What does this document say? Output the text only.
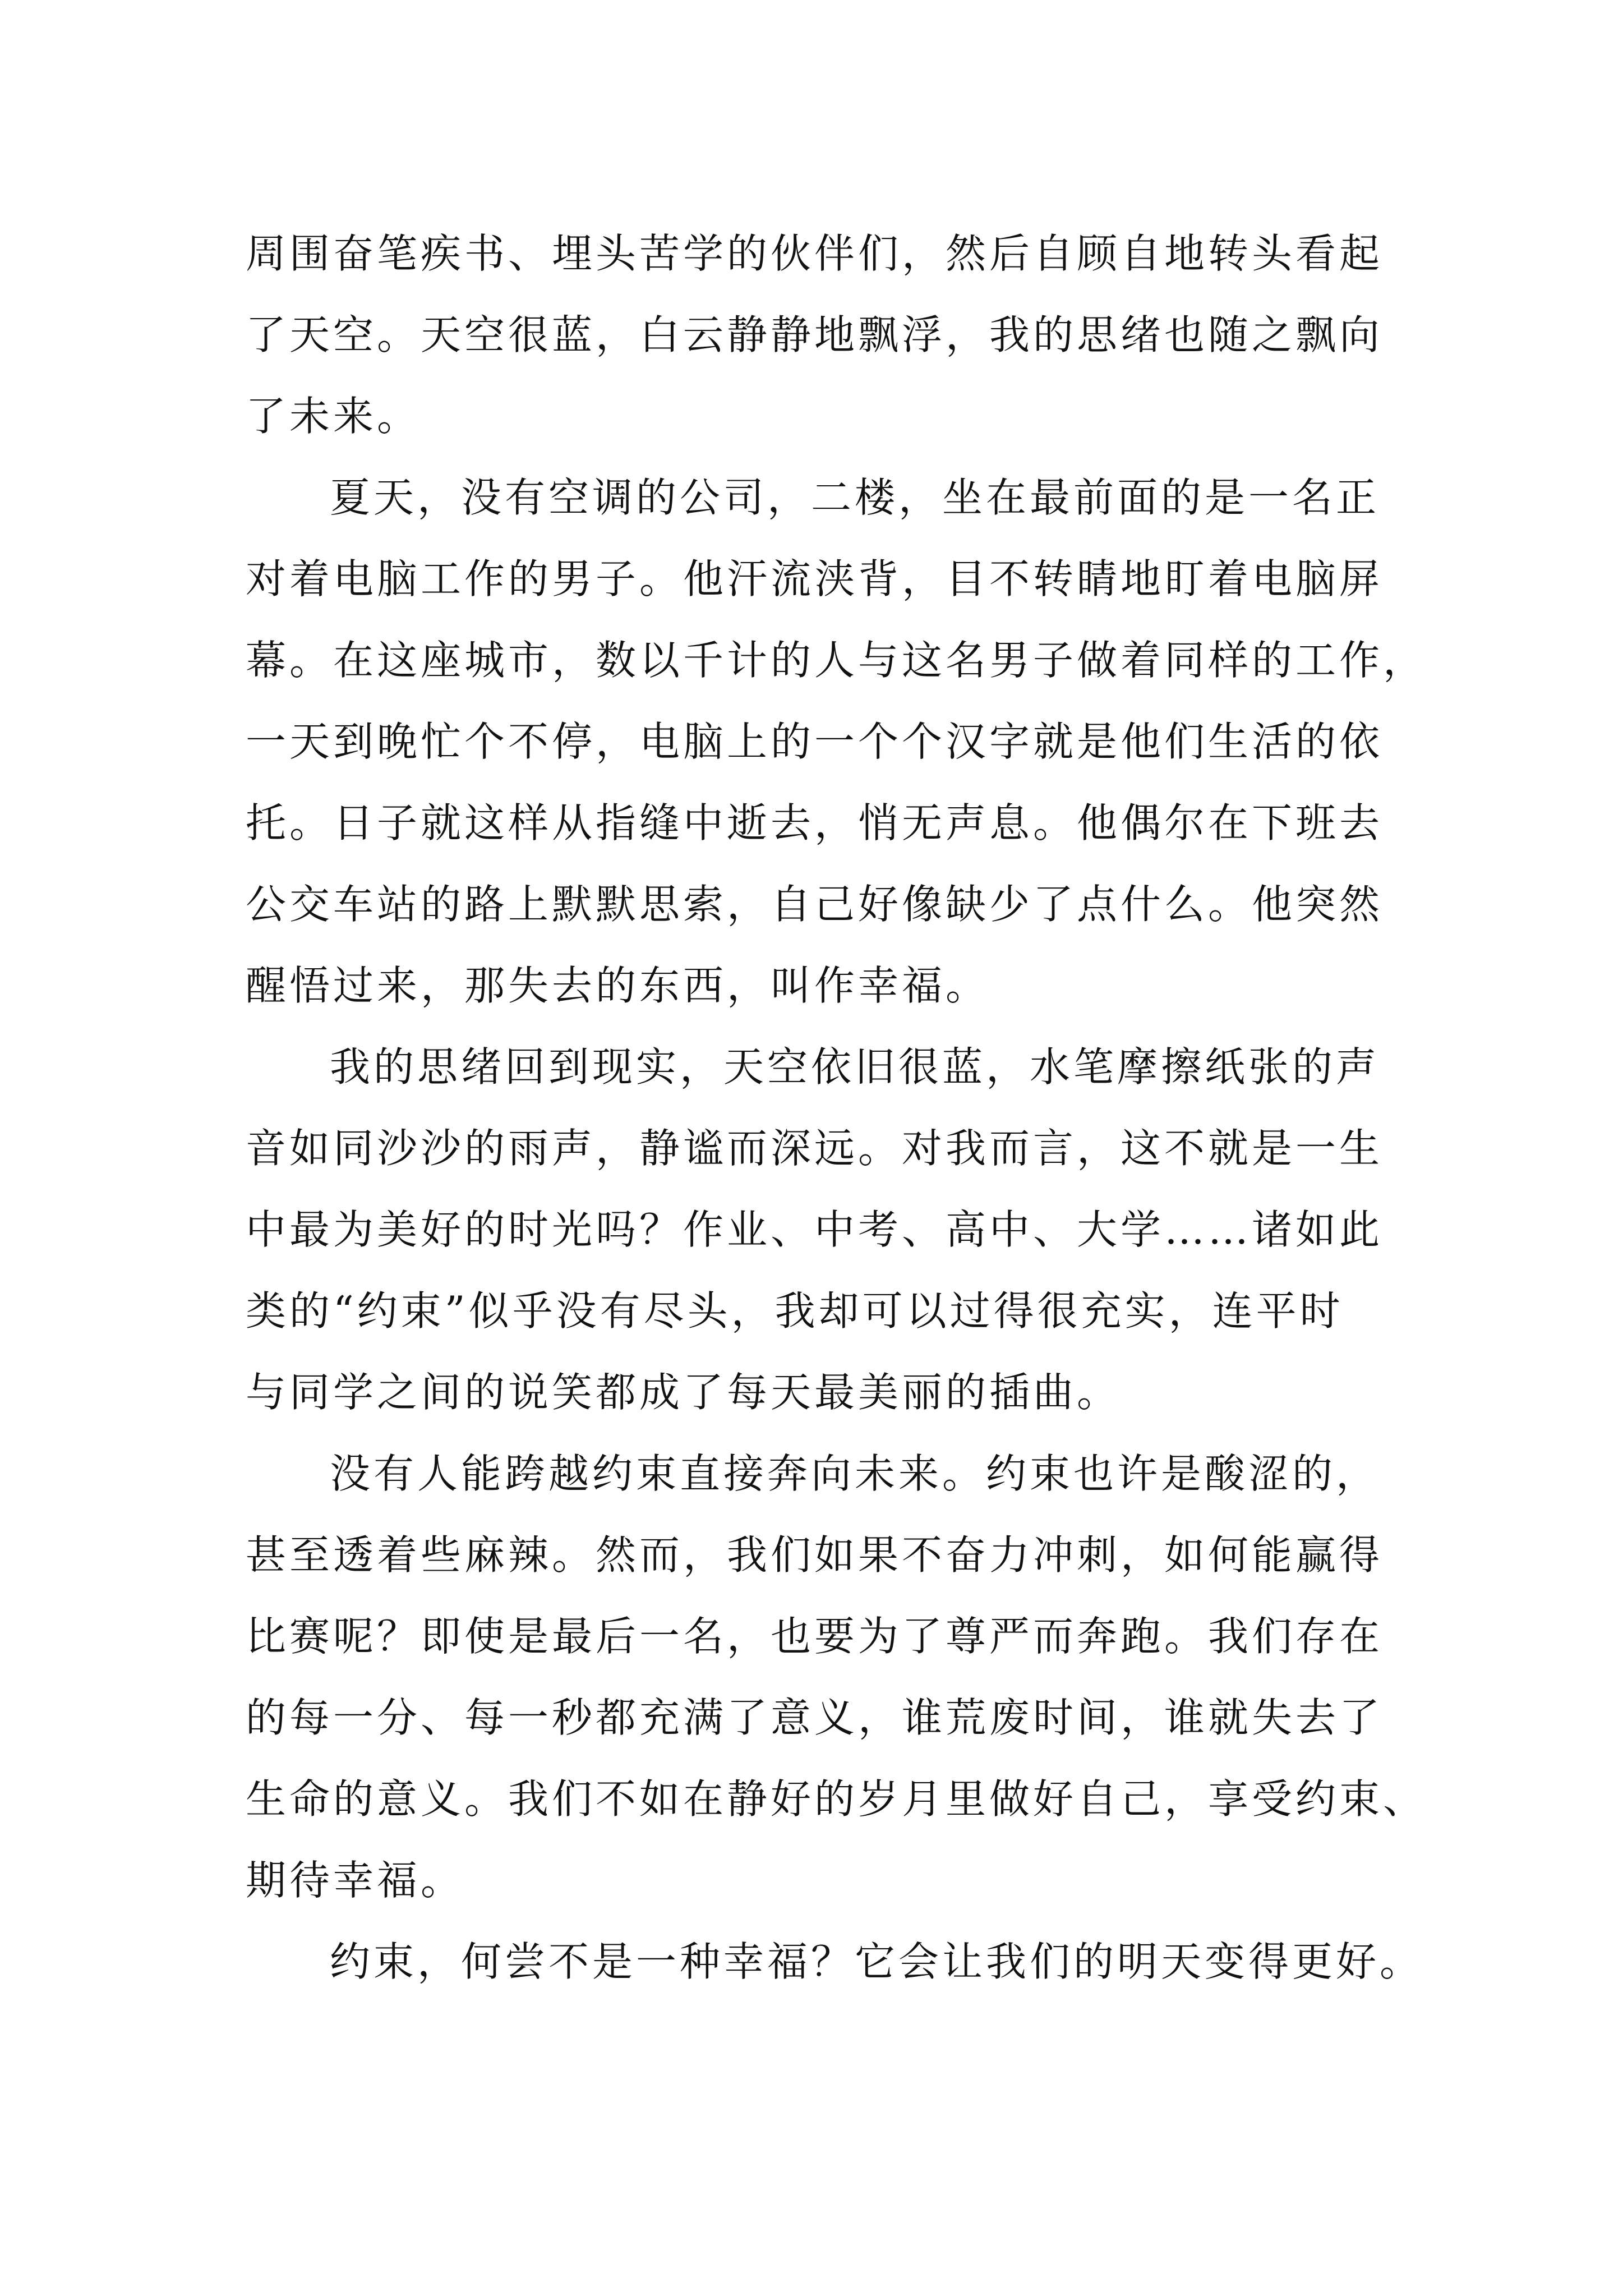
周围奋笔疾书、埋头苦学的伙伴们，然后自顾自地转头看起
了天空。天空很蓝，白云静静地飘浮，我的思绪也随之飘向
了未来。
夏天，没有空调的公司，二楼，坐在最前面的是一名正
对着电脑工作的男子。他汗流浃背，目不转睛地盯着电脑屏
幕。在这座城市，数以千计的人与这名男子做着同样的工作，
一天到晚忙个不停，电脑上的一个个汉字就是他们生活的依
托。日子就这样从指缝中逝去，悄无声息。他偶尔在下班去
公交车站的路上默默思索，自己好像缺少了点什么。他突然
醒悟过来，那失去的东西，叫作幸福。
我的思绪回到现实，天空依旧很蓝，水笔摩擦纸张的声
音如同沙沙的雨声，静谧而深远。对我而言，这不就是一生
中最为美好的时光吗？作业、中考、高中、大学……诸如此
类的“约束”似乎没有尽头，我却可以过得很充实，连平时
与同学之间的说笑都成了每天最美丽的插曲。
没有人能跨越约束直接奔向未来。约束也许是酸涩的，
甚至透着些麻辣。然而，我们如果不奋力冲刺，如何能赢得
比赛呢？即使是最后一名，也要为了尊严而奔跑。我们存在
的每一分、每一秒都充满了意义，谁荒废时间，谁就失去了
生命的意义。我们不如在静好的岁月里做好自己，享受约束、
期待幸福。
约束，何尝不是一种幸福？它会让我们的明天变得更好。
